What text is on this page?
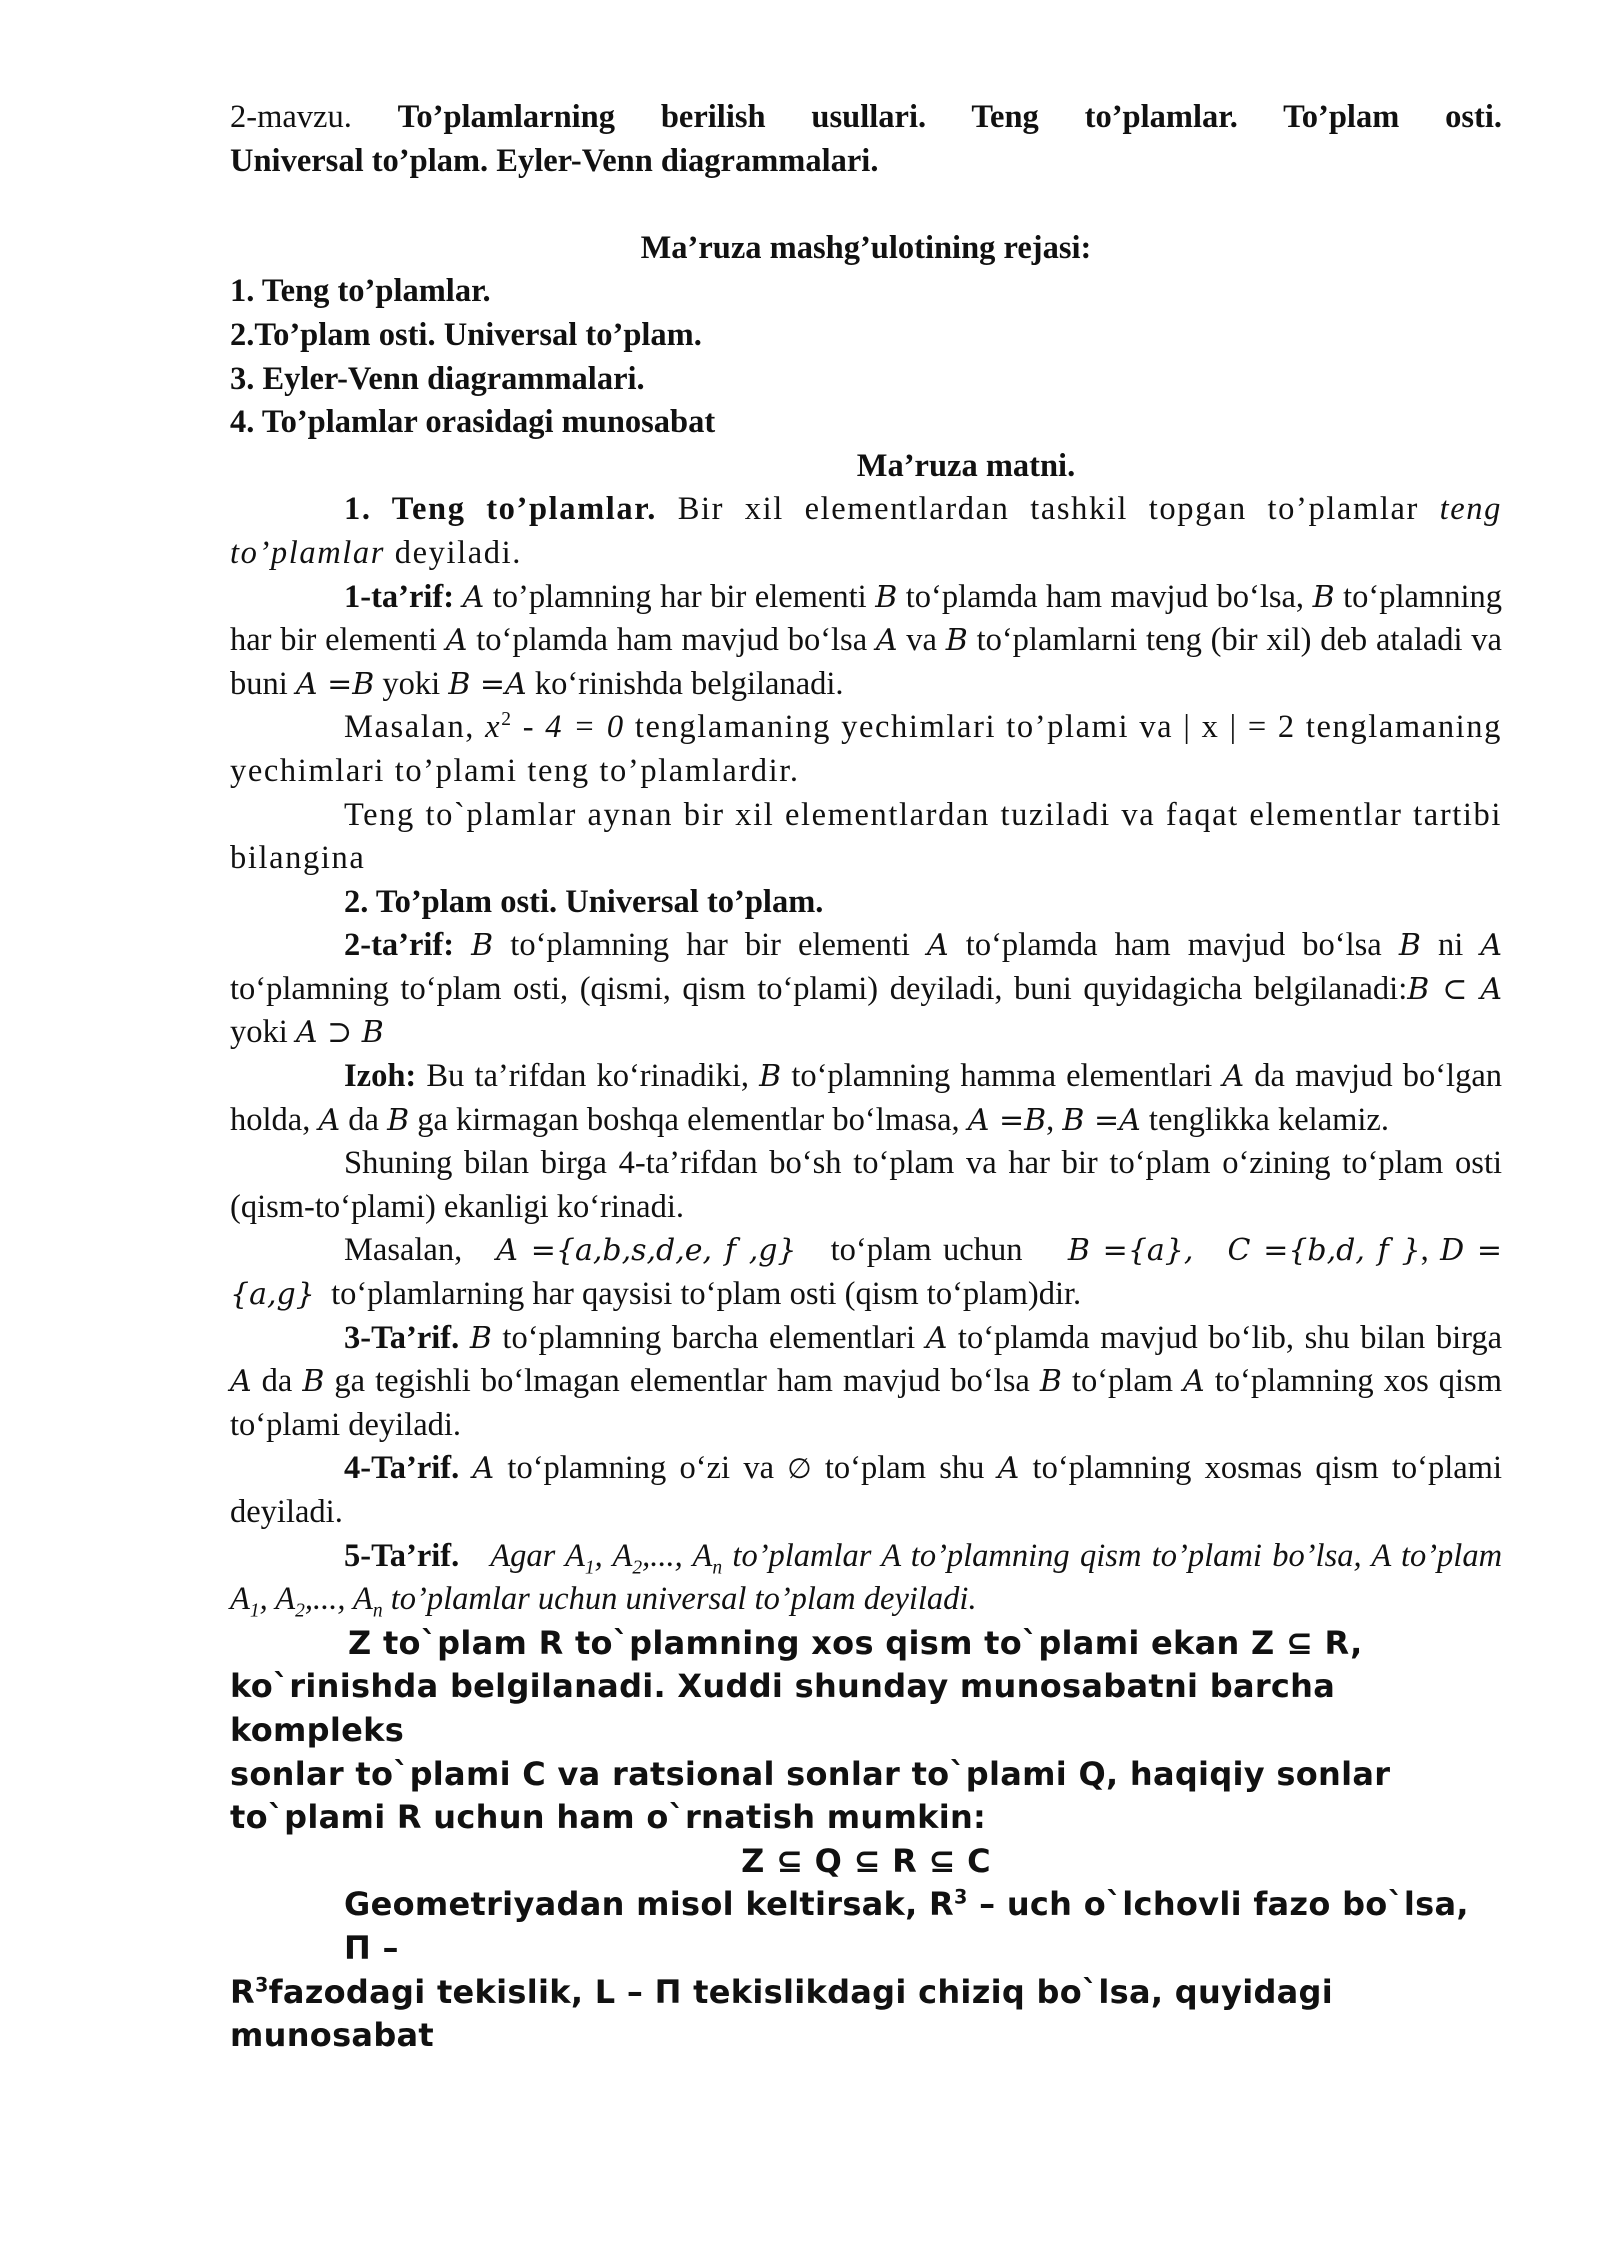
2-mavzu. To’plamlarning berilish usullari. Teng to’plamlar. To’plam osti.

Universal to’plam. Eyler-Venn diagrammalari.

Ma’ruza mashg’ulotining rejasi:

1. Teng to’plamlar.

2.To’plam osti. Universal to’plam.

3. Eyler-Venn diagrammalari.

4. To’plamlar orasidagi munosabat

Ma’ruza matni.

1. Teng to’plamlar. Bir xil elementlardan tashkil topgan to’plamlar teng to’plamlar deyiladi.

1-ta’rif: A to’plamning har bir elementi B to‘plamda ham mavjud bo‘lsa, B to‘plamning har bir elementi A to‘plamda ham mavjud bo‘lsa A va B to‘plamlarni teng (bir xil) deb ataladi va buni A =B yoki B =A ko‘rinishda belgilanadi.

Masalan, $x^2 - 4 = 0$ tenglamaning yechimlari to’plami va | x | = 2 tenglamaning yechimlari to’plami teng to’plamlardir.

Teng to`plamlar aynan bir xil elementlardan tuziladi va faqat elementlar tartibi bilangina

2. To’plam osti. Universal to’plam.

2-ta’rif: B to‘plamning har bir elementi A to‘plamda ham mavjud bo‘lsa B ni A to‘plamning to‘plam osti, (qismi, qism to‘plami) deyiladi, buni quyidagicha belgilanadi:B ⊂ A yoki A ⊃ B

Izoh: Bu ta’rifdan ko‘rinadiki, B to‘plamning hamma elementlari A da mavjud bo‘lgan holda, A da B ga kirmagan boshqa elementlar bo‘lmasa, A =B, B =A tenglikka kelamiz.

Shuning bilan birga 4-ta’rifdan bo‘sh to‘plam va har bir to‘plam o‘zining to‘plam osti (qism-to‘plami) ekanligi ko‘rinadi.

Masalan, A ={a,b,s,d,e, f ,g} to‘plam uchun B ={a}, C ={b,d, f }, D ={a,g} to‘plamlarning har qaysisi to‘plam osti (qism to‘plam)dir.

3-Ta’rif. B to‘plamning barcha elementlari A to‘plamda mavjud bo‘lib, shu bilan birga A da B ga tegishli bo‘lmagan elementlar ham mavjud bo‘lsa B to‘plam A to‘plamning xos qism to‘plami deyiladi.

4-Ta’rif. A to‘plamning o‘zi va ∅ to‘plam shu A to‘plamning xosmas qism to‘plami deyiladi.

5-Ta’rif. Agar $A_1$, $A_2$,..., $A_n$ to’plamlar A to’plamning qism to’plami bo’lsa, A to’plam $A_1$, $A_2$,..., $A_n$ to’plamlar uchun universal to’plam deyiladi.

Z to`plam R to`plamning xos qism to`plami ekan Z ⊆ R,
ko`rinishda belgilanadi. Xuddi shunday munosabatni barcha kompleks
sonlar to`plami C va ratsional sonlar to`plami Q, haqiqiy sonlar
to`plami R uchun ham o`rnatish mumkin:
Z ⊆ Q ⊆ R ⊆ C
Geometriyadan misol keltirsak, $R^3$ – uch o`lchovli fazo bo`lsa, П –
$R^3fazodagi$ tekislik, L – П tekislikdagi chiziq bo`lsa, quyidagi munosabat
